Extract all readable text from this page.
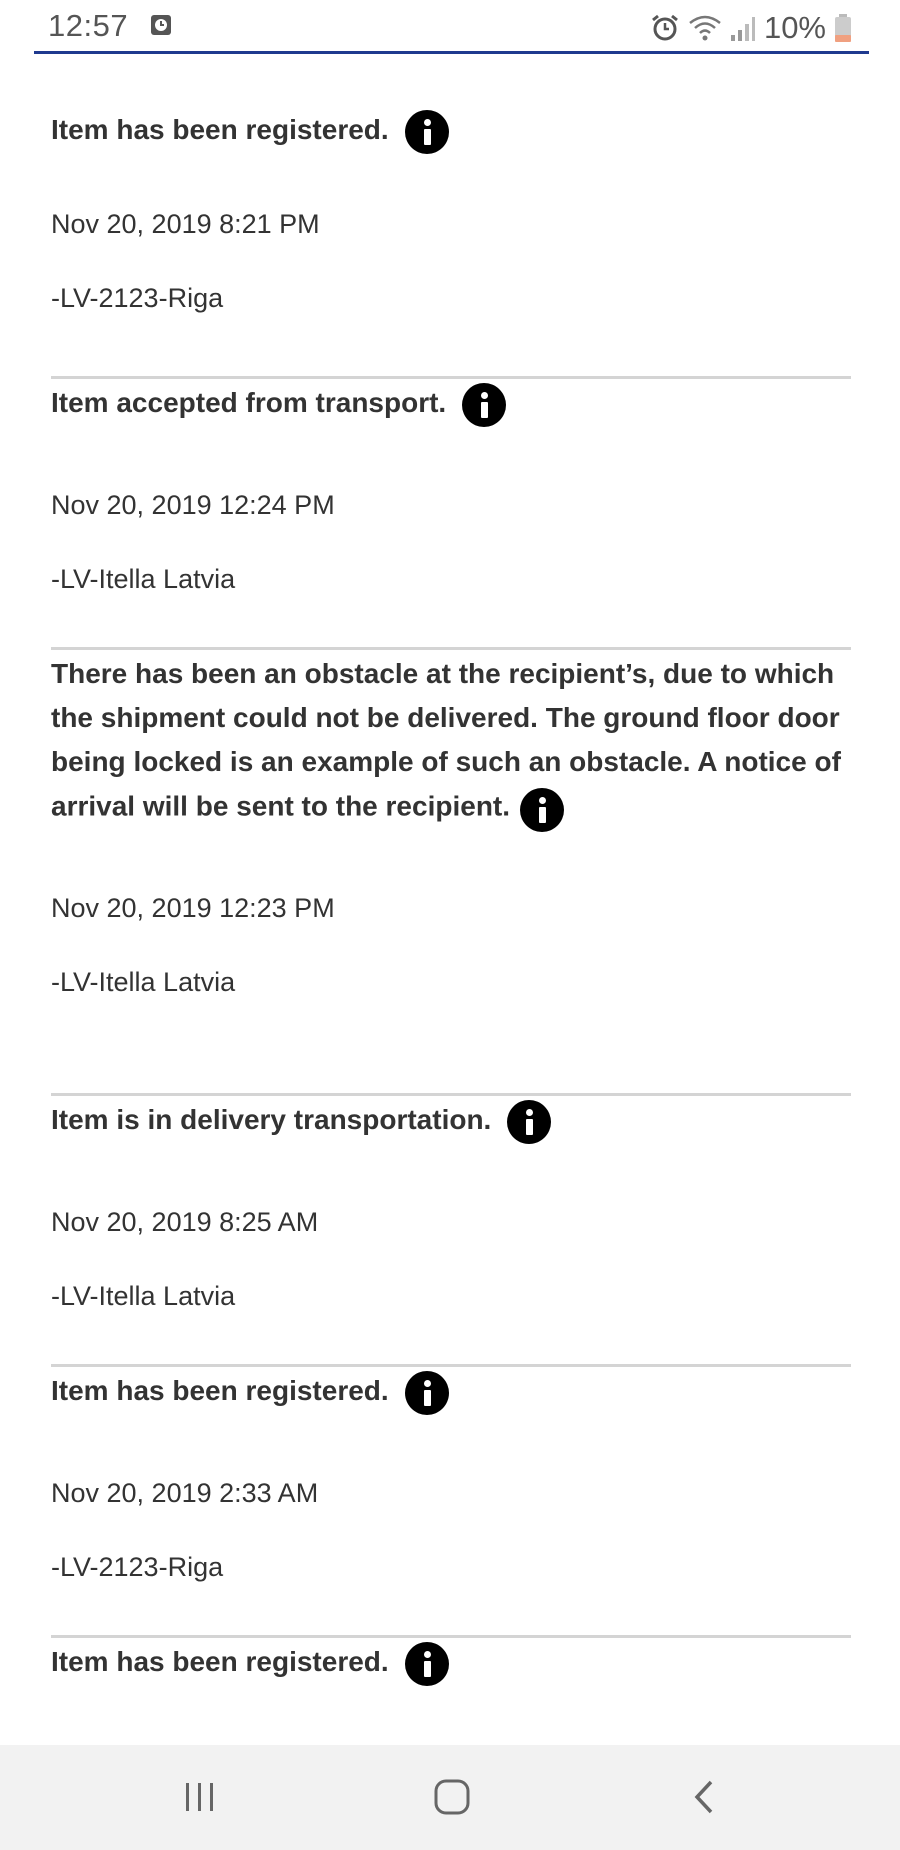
12:57	10%
Item has been registered.
Nov 20, 2019 8:21 PM
-LV-2123-Riga
Item accepted from transport.
Nov 20, 2019 12:24 PM
-LV-Itella Latvia
There has been an obstacle at the recipient’s, due to which the shipment could not be delivered. The ground floor door being locked is an example of such an obstacle. A notice of arrival will be sent to the recipient.
Nov 20, 2019 12:23 PM
-LV-Itella Latvia
Item is in delivery transportation.
Nov 20, 2019 8:25 AM
-LV-Itella Latvia
Item has been registered.
Nov 20, 2019 2:33 AM
-LV-2123-Riga
Item has been registered.
